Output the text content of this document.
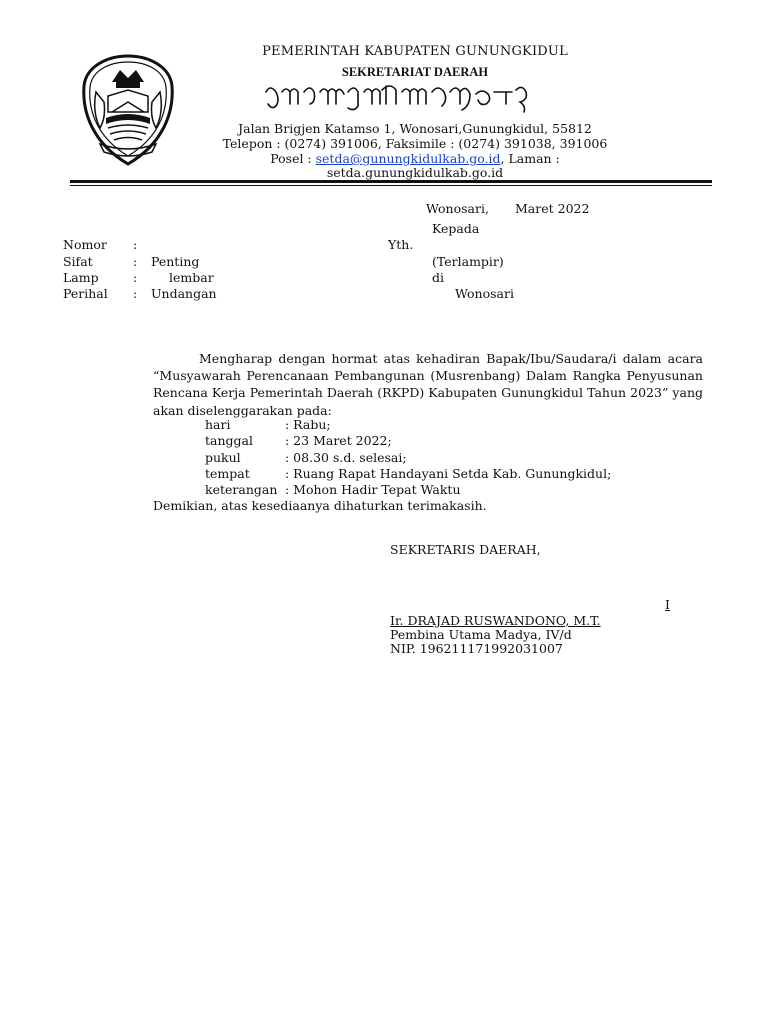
PEMERINTAH KABUPATEN GUNUNGKIDUL
SEKRETARIAT DAERAH
Jalan Brigjen Katamso 1, Wonosari,Gunungkidul, 55812
Telepon : (0274) 391006, Faksimile : (0274) 391038, 391006
Posel : setda@gunungkidulkab.go.id, Laman :
setda.gunungkidulkab.go.id
Wonosari, Maret 2022
Nomor :
Sifat	: Penting
Lamp	:	lembar
Perihal : Undangan
Kepada
Yth.
(Terlampir)
di
Wonosari
Mengharap dengan hormat atas kehadiran Bapak/Ibu/Saudara/i dalam acara “Musyawarah Perencanaan Pembangunan (Musrenbang) Dalam Rangka Penyusunan Rencana Kerja Pemerintah Daerah (RKPD) Kabupaten Gunungkidul Tahun 2023” yang akan diselenggarakan pada:
hari	: Rabu;
tanggal	: 23 Maret 2022;
pukul	: 08.30 s.d. selesai;
tempat	: Ruang Rapat Handayani Setda Kab. Gunungkidul;
keterangan : Mohon Hadir Tepat Waktu
Demikian, atas kesediaanya dihaturkan terimakasih.
SEKRETARIS DAERAH,
I
Ir. DRAJAD RUSWANDONO, M.T.
Pembina Utama Madya, IV/d
NIP. 196211171992031007
